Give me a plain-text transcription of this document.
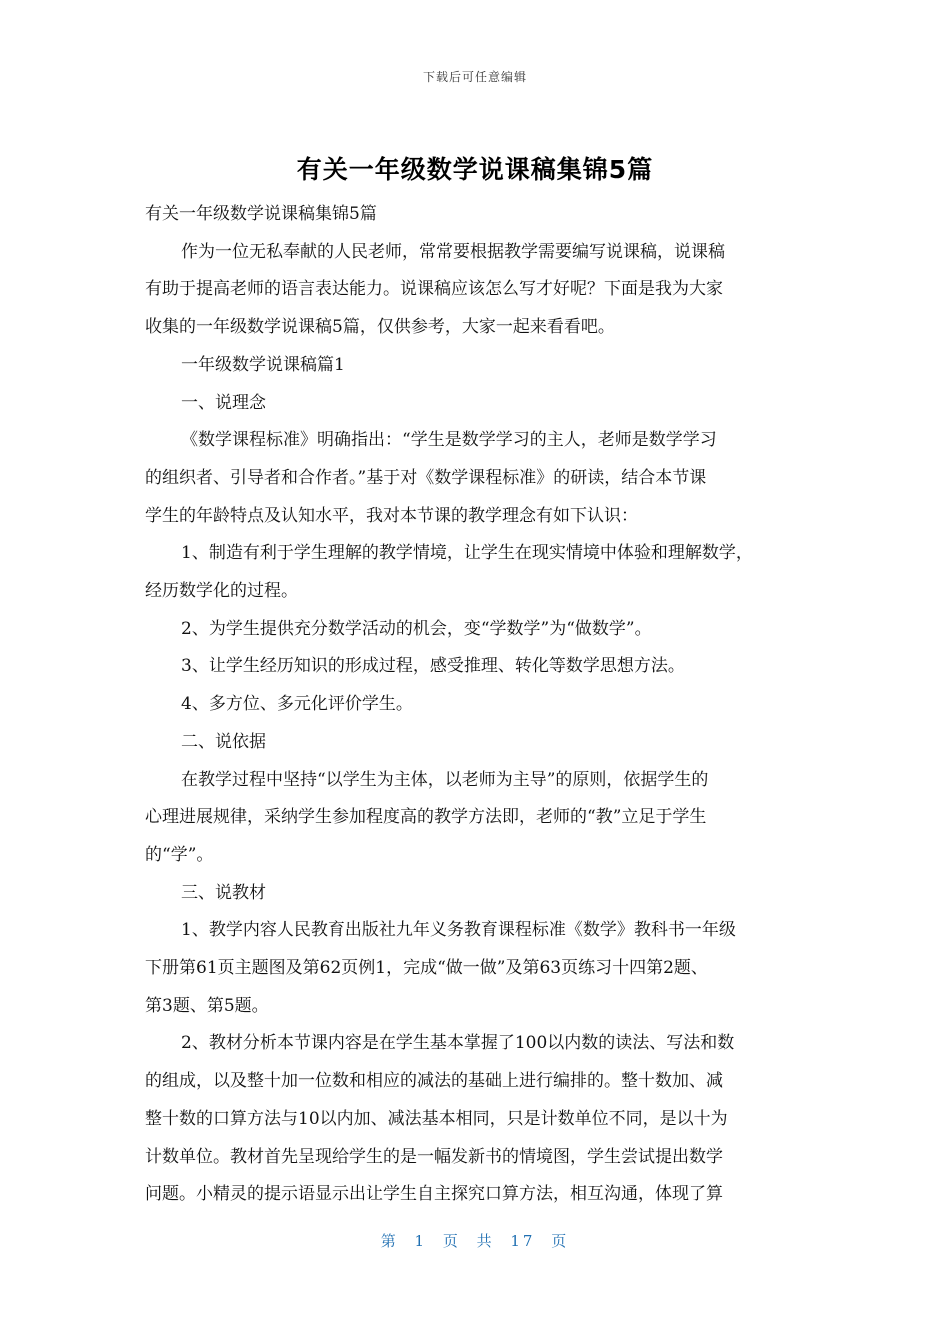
下载后可任意编辑
有关一年级数学说课稿集锦5篇

有关一年级数学说课稿集锦5篇

作为一位无私奉献的人民老师，常常要根据教学需要编写说课稿，说课稿
有助于提高老师的语言表达能力。说课稿应该怎么写才好呢？下面是我为大家
收集的一年级数学说课稿5篇，仅供参考，大家一起来看看吧。

一年级数学说课稿篇1

一、说理念

《数学课程标准》明确指出：“学生是数学学习的主人，老师是数学学习
的组织者、引导者和合作者。”基于对《数学课程标准》的研读，结合本节课
学生的年龄特点及认知水平，我对本节课的教学理念有如下认识：

1、制造有利于学生理解的教学情境，让学生在现实情境中体验和理解数学，
经历数学化的过程。

2、为学生提供充分数学活动的机会，变“学数学”为“做数学”。

3、让学生经历知识的形成过程，感受推理、转化等数学思想方法。

4、多方位、多元化评价学生。

二、说依据

在教学过程中坚持“以学生为主体，以老师为主导”的原则，依据学生的
心理进展规律，采纳学生参加程度高的教学方法即，老师的“教”立足于学生
的“学”。

三、说教材

1、教学内容人民教育出版社九年义务教育课程标准《数学》教科书一年级
下册第61页主题图及第62页例1，完成“做一做”及第63页练习十四第2题、
第3题、第5题。

2、教材分析本节课内容是在学生基本掌握了100以内数的读法、写法和数
的组成，以及整十加一位数和相应的减法的基础上进行编排的。整十数加、减
整十数的口算方法与10以内加、减法基本相同，只是计数单位不同，是以十为
计数单位。教材首先呈现给学生的是一幅发新书的情境图，学生尝试提出数学
问题。小精灵的提示语显示出让学生自主探究口算方法，相互沟通，体现了算

第 1 页 共 17 页
